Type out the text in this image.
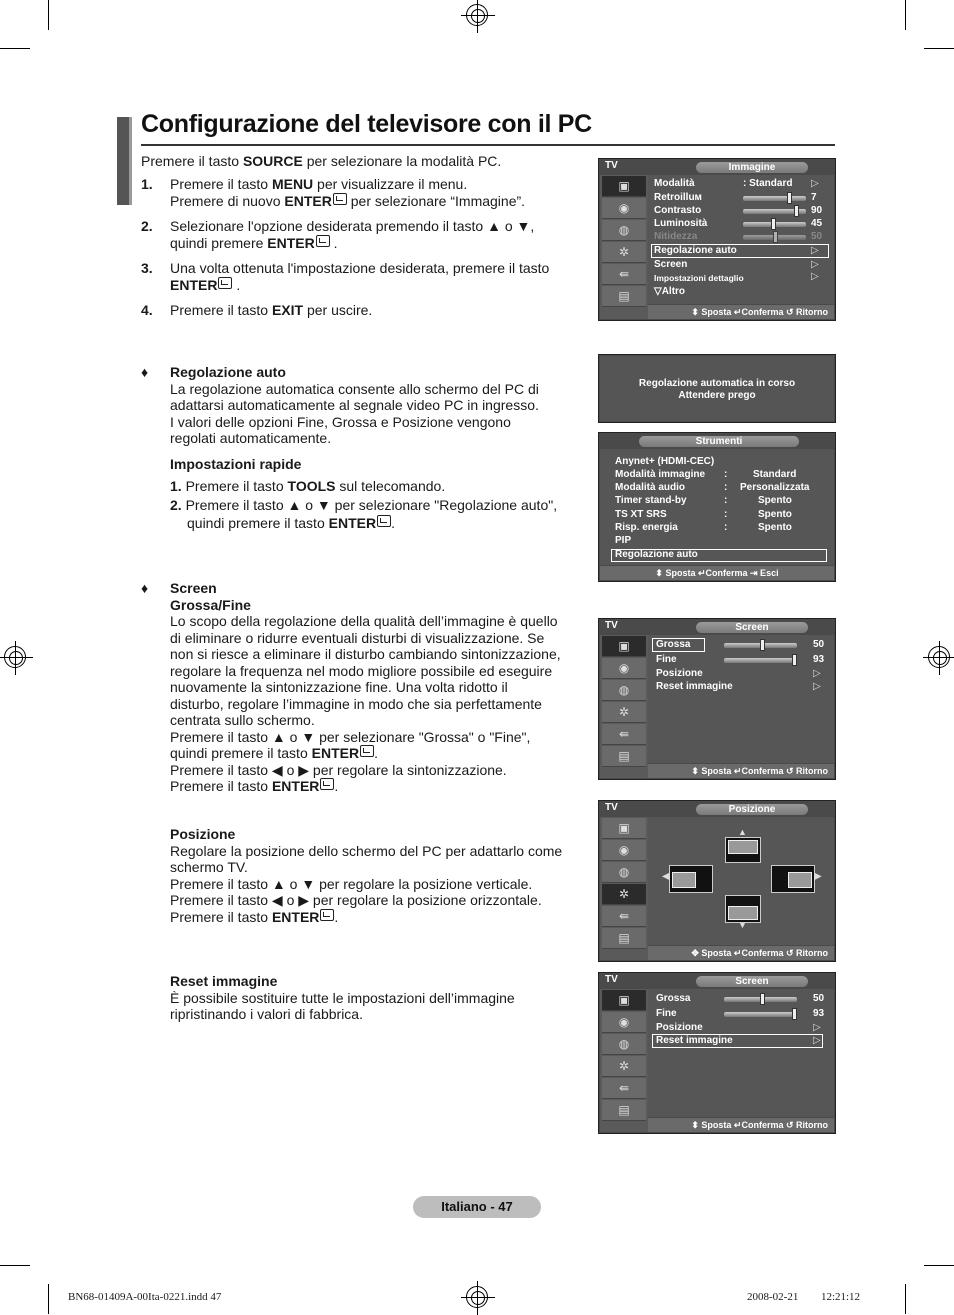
Configurazione del televisore con il PC
Premere il tasto SOURCE per selezionare la modalità PC.
1. Premere il tasto MENU per visualizzare il menu.
Premere di nuovo ENTER per selezionare “Immagine”.
2. Selezionare l'opzione desiderata premendo il tasto ▲ o ▼,
quindi premere ENTER .
3. Una volta ottenuta l'impostazione desiderata, premere il tasto
ENTER .
4. Premere il tasto EXIT per uscire.
♦ Regolazione auto
La regolazione automatica consente allo schermo del PC di
adattarsi automaticamente al segnale video PC in ingresso.
I valori delle opzioni Fine, Grossa e Posizione vengono
regolati automaticamente.
Impostazioni rapide
1. Premere il tasto TOOLS sul telecomando.
2. Premere il tasto ▲ o ▼ per selezionare "Regolazione auto",
quindi premere il tasto ENTER .
♦ Screen
Grossa/Fine
Lo scopo della regolazione della qualità dell’immagine è quello
di eliminare o ridurre eventuali disturbi di visualizzazione. Se
non si riesce a eliminare il disturbo cambiando sintonizzazione,
regolare la frequenza nel modo migliore possibile ed eseguire
nuovamente la sintonizzazione fine. Una volta ridotto il
disturbo, regolare l’immagine in modo che sia perfettamente
centrata sullo schermo.
Premere il tasto ▲ o ▼ per selezionare "Grossa" o "Fine",
quindi premere il tasto ENTER .
Premere il tasto ◀ o ▶ per regolare la sintonizzazione.
Premere il tasto ENTER .
Posizione
Regolare la posizione dello schermo del PC per adattarlo come
schermo TV.
Premere il tasto ▲ o ▼ per regolare la posizione verticale.
Premere il tasto ◀ o ▶ per regolare la posizione orizzontale.
Premere il tasto ENTER .
Reset immagine
È possibile sostituire tutte le impostazioni dell’immagine
ripristinando i valori di fabbrica.
TV	Immagine
▣
◉
◍
✲
⇚
▤
Modalità	: Standard ▷
Retroilluм	7
Contrasto	90
Luminosità	45
Nitidezza	50
Regolazione auto	▷
Screen	▷
Impostazioni dettaglio	▷
▽Altro
⬍ Sposta ↵Conferma ↺ Ritorno
Regolazione automatica in corso
Attendere prego
Strumenti
Anynet+ (HDMI-CEC)
Modalità immagine :	Standard
Modalità audio	: Personalizzata
Timer stand-by	:	Spento
TS XT SRS	:	Spento
Risp. energia	:	Spento
PIP
Regolazione auto
⬍ Sposta ↵Conferma ⇥ Esci
TV	Screen
▣
◉
◍
✲
⇚
▤
Grossa	50
Fine	93
Posizione	▷
Reset immagine	▷
⬍ Sposta ↵Conferma ↺ Ritorno
TV	Posizione
▣
◉
◍
✲
⇚
▤
▲
◀	▶
▼
✥ Sposta ↵Conferma ↺ Ritorno
TV	Screen
▣
◉
◍
✲
⇚
▤
Grossa	50
Fine	93
Posizione	▷
Reset immagine	▷
⬍ Sposta ↵Conferma ↺ Ritorno
Italiano - 47
BN68-01409A-00Ita-0221.indd 47	2008-02-21 ￿￿ 12:21:12
